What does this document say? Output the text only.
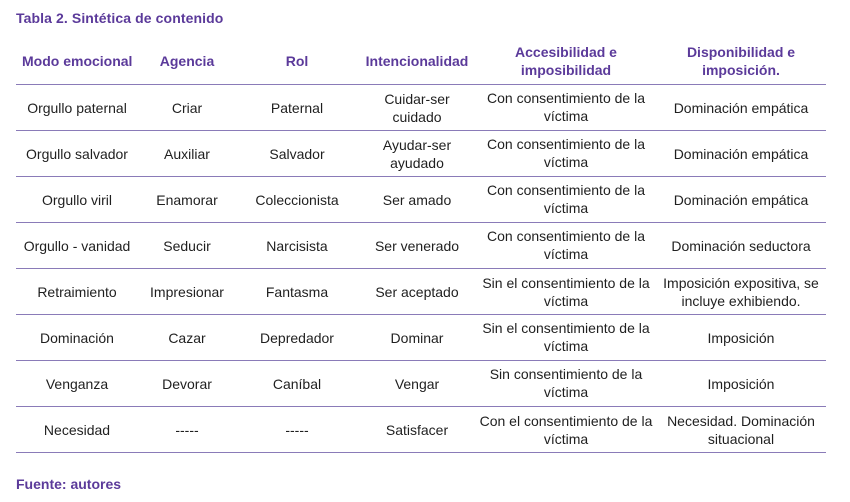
Tabla 2. Sintética de contenido
Modo emocional	Agencia	Rol	Intencionalidad	Accesibilidad e imposibilidad	Disponibilidad e imposición.
Orgullo paternal	Criar	Paternal	Cuidar-ser cuidado	Con consentimiento de la víctima	Dominación empática
Orgullo salvador	Auxiliar	Salvador	Ayudar-ser ayudado	Con consentimiento de la víctima	Dominación empática
Orgullo viril	Enamorar	Coleccionista	Ser amado	Con consentimiento de la víctima	Dominación empática
Orgullo - vanidad	Seducir	Narcisista	Ser venerado	Con consentimiento de la víctima	Dominación seductora
Retraimiento	Impresionar	Fantasma	Ser aceptado	Sin el consentimiento de la víctima	Imposición expositiva, se incluye exhibiendo.
Dominación	Cazar	Depredador	Dominar	Sin el consentimiento de la víctima	Imposición
Venganza	Devorar	Caníbal	Vengar	Sin consentimiento de la víctima	Imposición
Necesidad	-----	-----	Satisfacer	Con el consentimiento de la víctima	Necesidad. Dominación situacional
Fuente: autores
